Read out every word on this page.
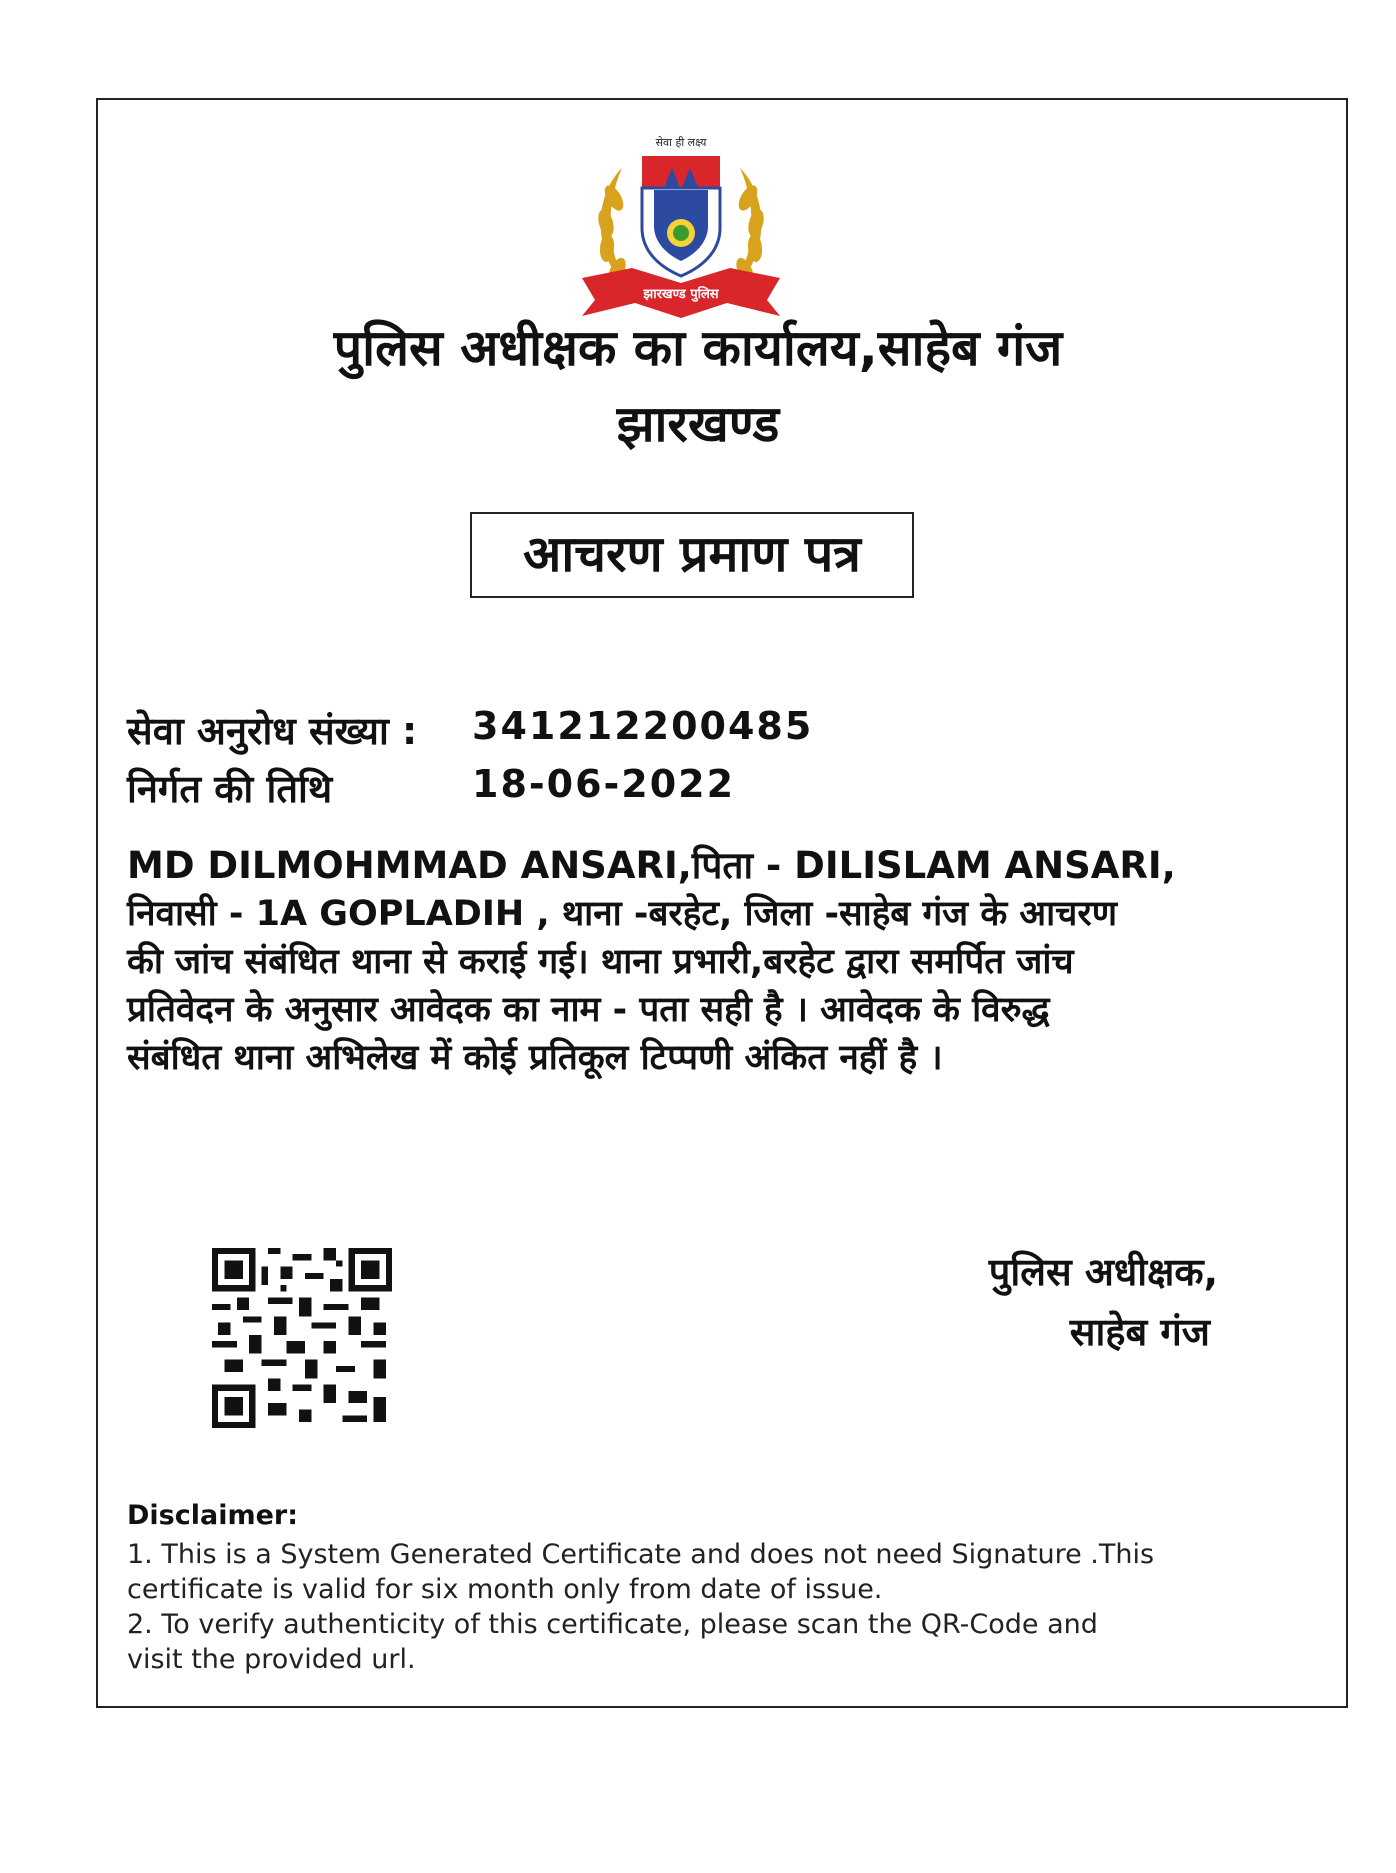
सेवा ही लक्ष्य
झारखण्ड पुलिस
पुलिस अधीक्षक का कार्यालय,साहेब गंज
झारखण्ड
आचरण प्रमाण पत्र
सेवा अनुरोध संख्या : 341212200485
निर्गत की तिथि	18-06-2022
MD DILMOHMMAD ANSARI,पिता - DILISLAM ANSARI,
निवासी - 1A GOPLADIH , थाना -बरहेट, जिला -साहेब गंज के आचरण
की जांच संबंधित थाना से कराई गई। थाना प्रभारी,बरहेट द्वारा समर्पित जांच
प्रतिवेदन के अनुसार आवेदक का नाम - पता सही है । आवेदक के विरुद्ध
संबंधित थाना अभिलेख में कोई प्रतिकूल टिप्पणी अंकित नहीं है ।
पुलिस अधीक्षक,
साहेब गंज
Disclaimer:
1. This is a System Generated Certificate and does not need Signature .This
certificate is valid for six month only from date of issue.
2. To verify authenticity of this certificate, please scan the QR-Code and
visit the provided url.
